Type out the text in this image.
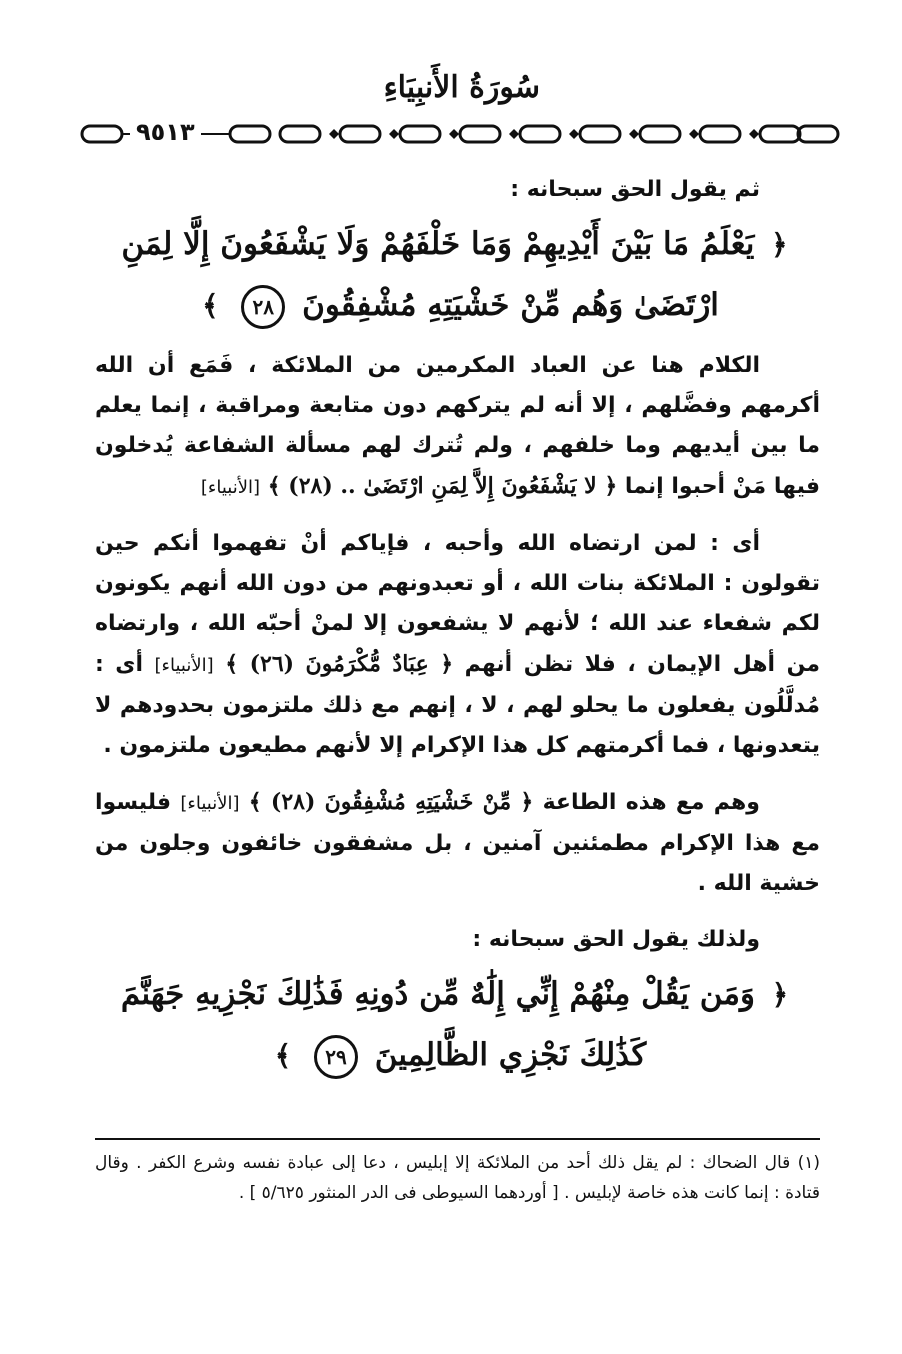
سُورَةُ الأَنبِيَاءِ
٩٥١٣
ثم يقول الحق سبحانه :
﴿ يَعْلَمُ مَا بَيْنَ أَيْدِيهِمْ وَمَا خَلْفَهُمْ وَلَا يَشْفَعُونَ إِلَّا لِمَنِ ارْتَضَىٰ وَهُم مِّنْ خَشْيَتِهِ مُشْفِقُونَ ٢٨ ﴾

الكلام هنا عن العباد المكرمين من الملائكة ، فَمَع أن الله أكرمهم وفضَّلهم ، إلا أنه لم يتركهم دون متابعة ومراقبة ، إنما يعلم ما بين أيديهم وما خلفهم ، ولم تُترك لهم مسألة الشفاعة يُدخلون فيها مَنْ أحبوا إنما ﴿ لا يَشْفَعُونَ إِلاَّ لِمَنِ ارْتَضَىٰ .. (٢٨) ﴾ [الأنبياء]

أى : لمن ارتضاه الله وأحبه ، فإياكم أنْ تفهموا أنكم حين تقولون : الملائكة بنات الله ، أو تعبدونهم من دون الله أنهم يكونون لكم شفعاء عند الله ؛ لأنهم لا يشفعون إلا لمنْ أحبّه الله ، وارتضاه من أهل الإيمان ، فلا تظن أنهم ﴿ عِبَادٌ مُّكْرَمُونَ (٢٦) ﴾ [الأنبياء] أى : مُدلَّلُون يفعلون ما يحلو لهم ، لا ، إنهم مع ذلك ملتزمون بحدودهم لا يتعدونها ، فما أكرمتهم كل هذا الإكرام إلا لأنهم مطيعون ملتزمون .

وهم مع هذه الطاعة ﴿ مِّنْ خَشْيَتِهِ مُشْفِقُونَ (٢٨) ﴾ [الأنبياء] فليسوا مع هذا الإكرام مطمئنين آمنين ، بل مشفقون خائفون وجلون من خشية الله .

ولذلك يقول الحق سبحانه :
﴿ وَمَن يَقُلْ مِنْهُمْ إِنِّي إِلَٰهٌ مِّن دُونِهِ فَذَٰلِكَ نَجْزِيهِ جَهَنَّمَ كَذَٰلِكَ نَجْزِي الظَّالِمِينَ ٢٩ ﴾
(١) قال الضحاك : لم يقل ذلك أحد من الملائكة إلا إبليس ، دعا إلى عبادة نفسه وشرع الكفر . وقال قتادة : إنما كانت هذه خاصة لإبليس . [ أوردهما السيوطى فى الدر المنثور ٥/٦٢٥ ] .
